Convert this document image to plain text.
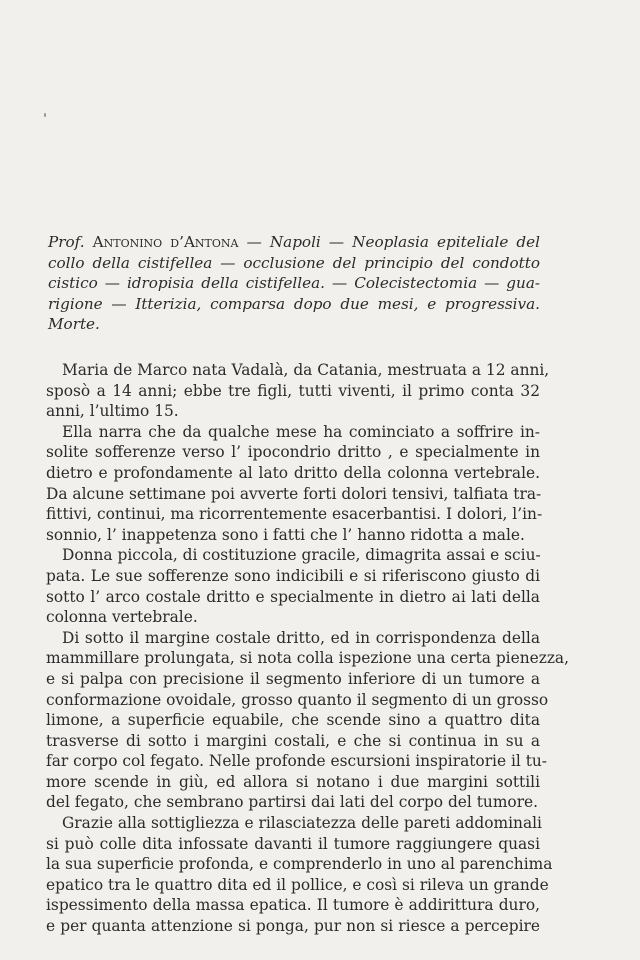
Prof. Antonino d’Antona — Napoli — Neoplasia epiteliale del
collo della cistifellea — occlusione del principio del condotto
cistico — idropisia della cistifellea. — Colecistectomia — gua-
rigione — Itterizia, comparsa dopo due mesi, e progressiva.
Morte.
Maria de Marco nata Vadalà, da Catania, mestruata a 12 anni,
sposò a 14 anni; ebbe tre figli, tutti viventi, il primo conta 32
anni, l’ultimo 15.
Ella narra che da qualche mese ha cominciato a soffrire in-
solite sofferenze verso l’ ipocondrio dritto , e specialmente in
dietro e profondamente al lato dritto della colonna vertebrale.
Da alcune settimane poi avverte forti dolori tensivi, talfiata tra-
fittivi, continui, ma ricorrentemente esacerbantisi. I dolori, l’in-
sonnio, l’ inappetenza sono i fatti che l’ hanno ridotta a male.
Donna piccola, di costituzione gracile, dimagrita assai e sciu-
pata. Le sue sofferenze sono indicibili e si riferiscono giusto di
sotto l’ arco costale dritto e specialmente in dietro ai lati della
colonna vertebrale.
Di sotto il margine costale dritto, ed in corrispondenza della
mammillare prolungata, si nota colla ispezione una certa pienezza,
e si palpa con precisione il segmento inferiore di un tumore a
conformazione ovoidale, grosso quanto il segmento di un grosso
limone, a superficie equabile, che scende sino a quattro dita
trasverse di sotto i margini costali, e che si continua in su a
far corpo col fegato. Nelle profonde escursioni inspiratorie il tu-
more scende in giù, ed allora si notano i due margini sottili
del fegato, che sembrano partirsi dai lati del corpo del tumore.
Grazie alla sottigliezza e rilasciatezza delle pareti addominali
si può colle dita infossate davanti il tumore raggiungere quasi
la sua superficie profonda, e comprenderlo in uno al parenchima
epatico tra le quattro dita ed il pollice, e così si rileva un grande
ispessimento della massa epatica. Il tumore è addirittura duro,
e per quanta attenzione si ponga, pur non si riesce a percepire
